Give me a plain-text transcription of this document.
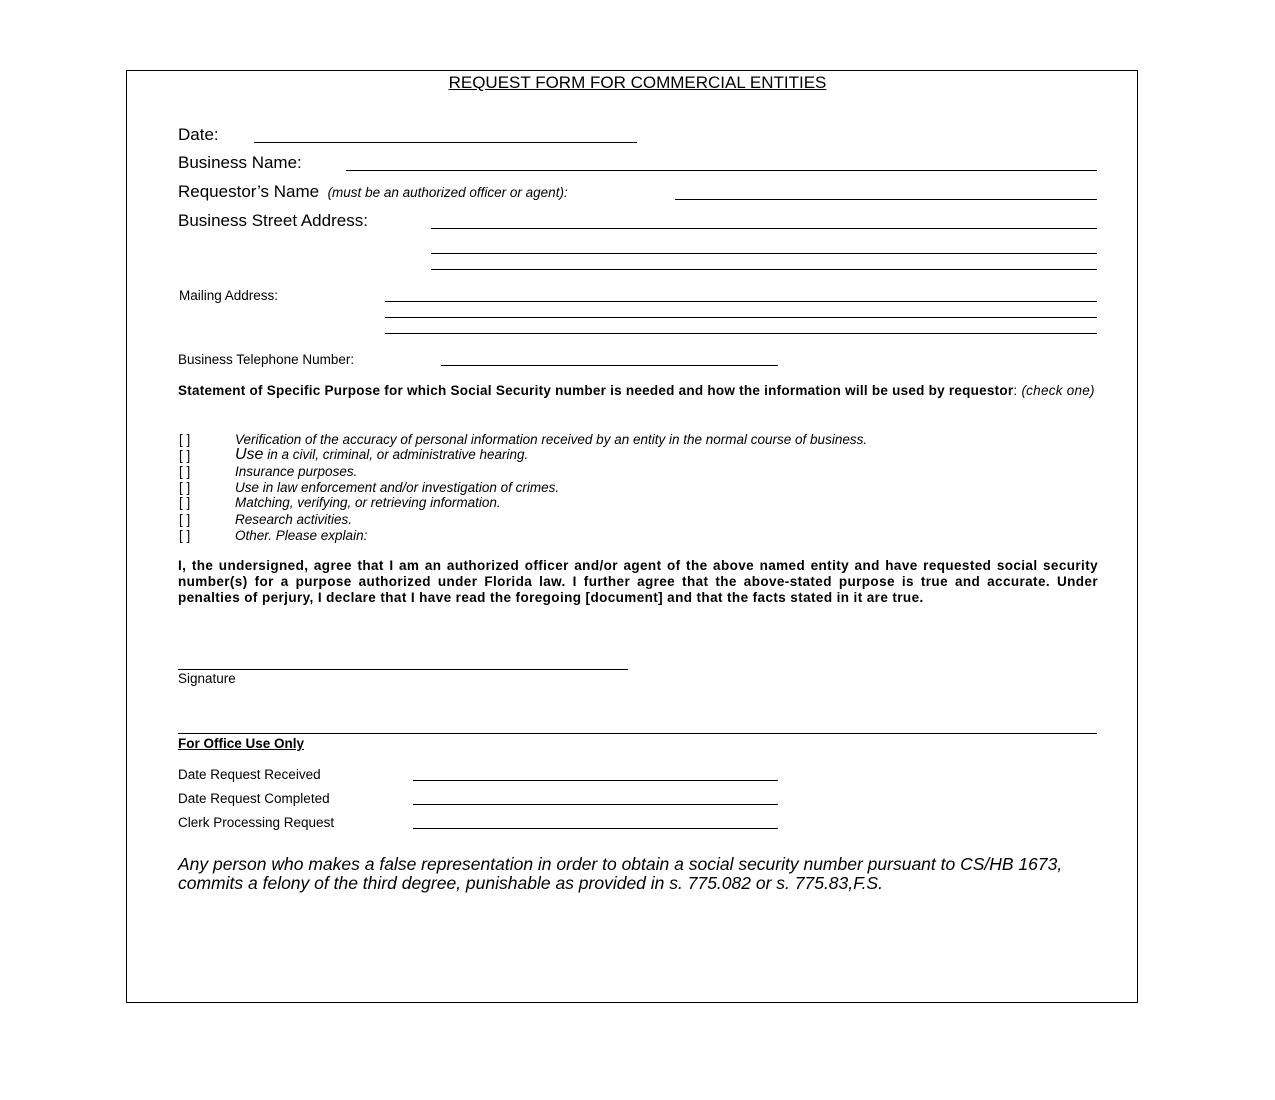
REQUEST FORM FOR COMMERCIAL ENTITIES
Date:
Business Name:
Requestor’s Name (must be an authorized officer or agent):
Business Street Address:
Mailing Address:
Business Telephone Number:
Statement of Specific Purpose for which Social Security number is needed and how the information will be used by requestor: (check one)
[ ]	Verification of the accuracy of personal information received by an entity in the normal course of business.
[ ]	Use in a civil, criminal, or administrative hearing.
[ ]	Insurance purposes.
[ ]	Use in law enforcement and/or investigation of crimes.
[ ]	Matching, verifying, or retrieving information.
[ ]	Research activities.
[ ]	Other. Please explain:
I, the undersigned, agree that I am an authorized officer and/or agent of the above named entity and have requested social security number(s) for a purpose authorized under Florida law. I further agree that the above-stated purpose is true and accurate. Under penalties of perjury, I declare that I have read the foregoing [document] and that the facts stated in it are true.
Signature
For Office Use Only
Date Request Received
Date Request Completed
Clerk Processing Request
Any person who makes a false representation in order to obtain a social security number pursuant to CS/HB 1673, commits a felony of the third degree, punishable as provided in s. 775.082 or s. 775.83,F.S.
